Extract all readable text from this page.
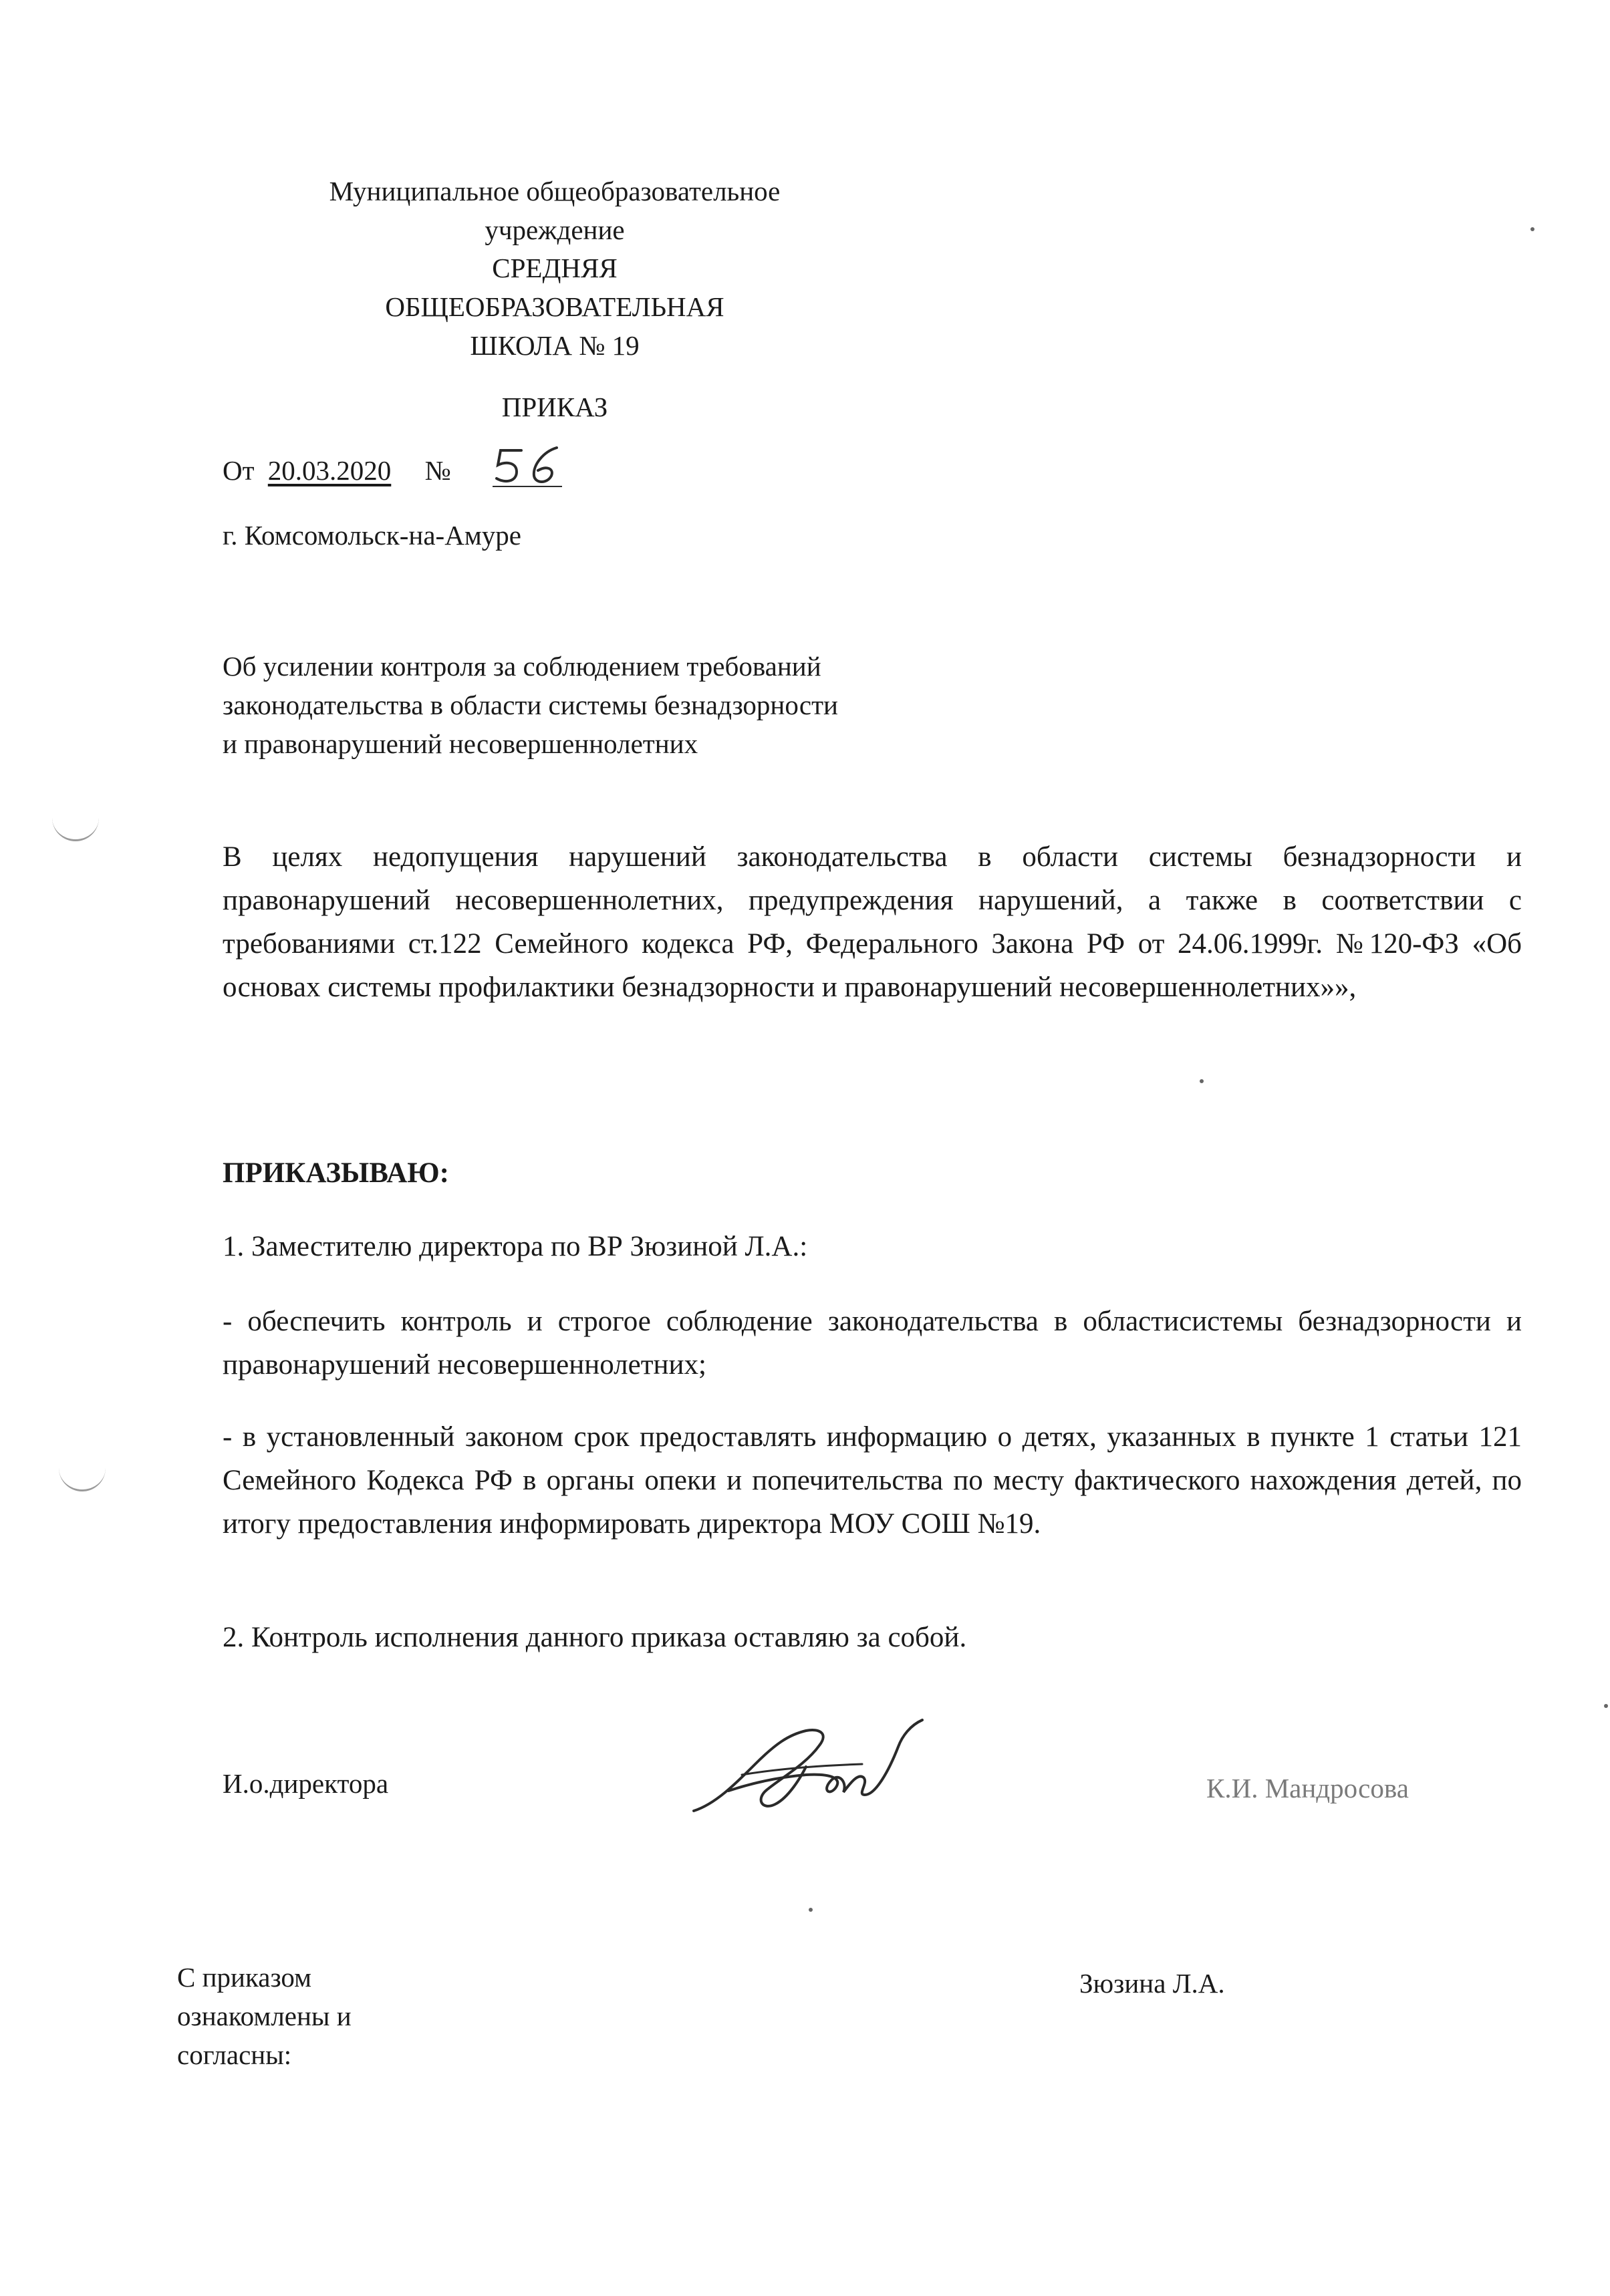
Муниципальное общеобразовательное
учреждение
СРЕДНЯЯ
ОБЩЕОБРАЗОВАТЕЛЬНАЯ
ШКОЛА № 19
ПРИКАЗ
От 20.03.2020 №
г. Комсомольск-на-Амуре
Об усилении контроля за соблюдением требований
законодательства в области системы безнадзорности
и правонарушений несовершеннолетних

В целях недопущения нарушений законодательства в области системы безнадзорности и правонарушений несовершеннолетних, предупреждения нарушений, а также в соответствии с требованиями ст.122 Семейного кодекса РФ, Федерального Закона РФ от 24.06.1999г. №120-ФЗ «Об основах системы профилактики безнадзорности и правонарушений несовершеннолетних»»,

ПРИКАЗЫВАЮ:
1. Заместителю директора по ВР Зюзиной Л.А.:

- обеспечить контроль и строгое соблюдение законодательства в областисистемы безнадзорности и правонарушений несовершеннолетних;

- в установленный законом срок предоставлять информацию о детях, указанных в пункте 1 статьи 121 Семейного Кодекса РФ в органы опеки и попечительства по месту фактического нахождения детей, по итогу предоставления информировать директора МОУ СОШ №19.

2. Контроль исполнения данного приказа оставляю за собой.
И.о.директора	К.И. Мандросова
С приказом
ознакомлены и
согласны:
Зюзина Л.А.
